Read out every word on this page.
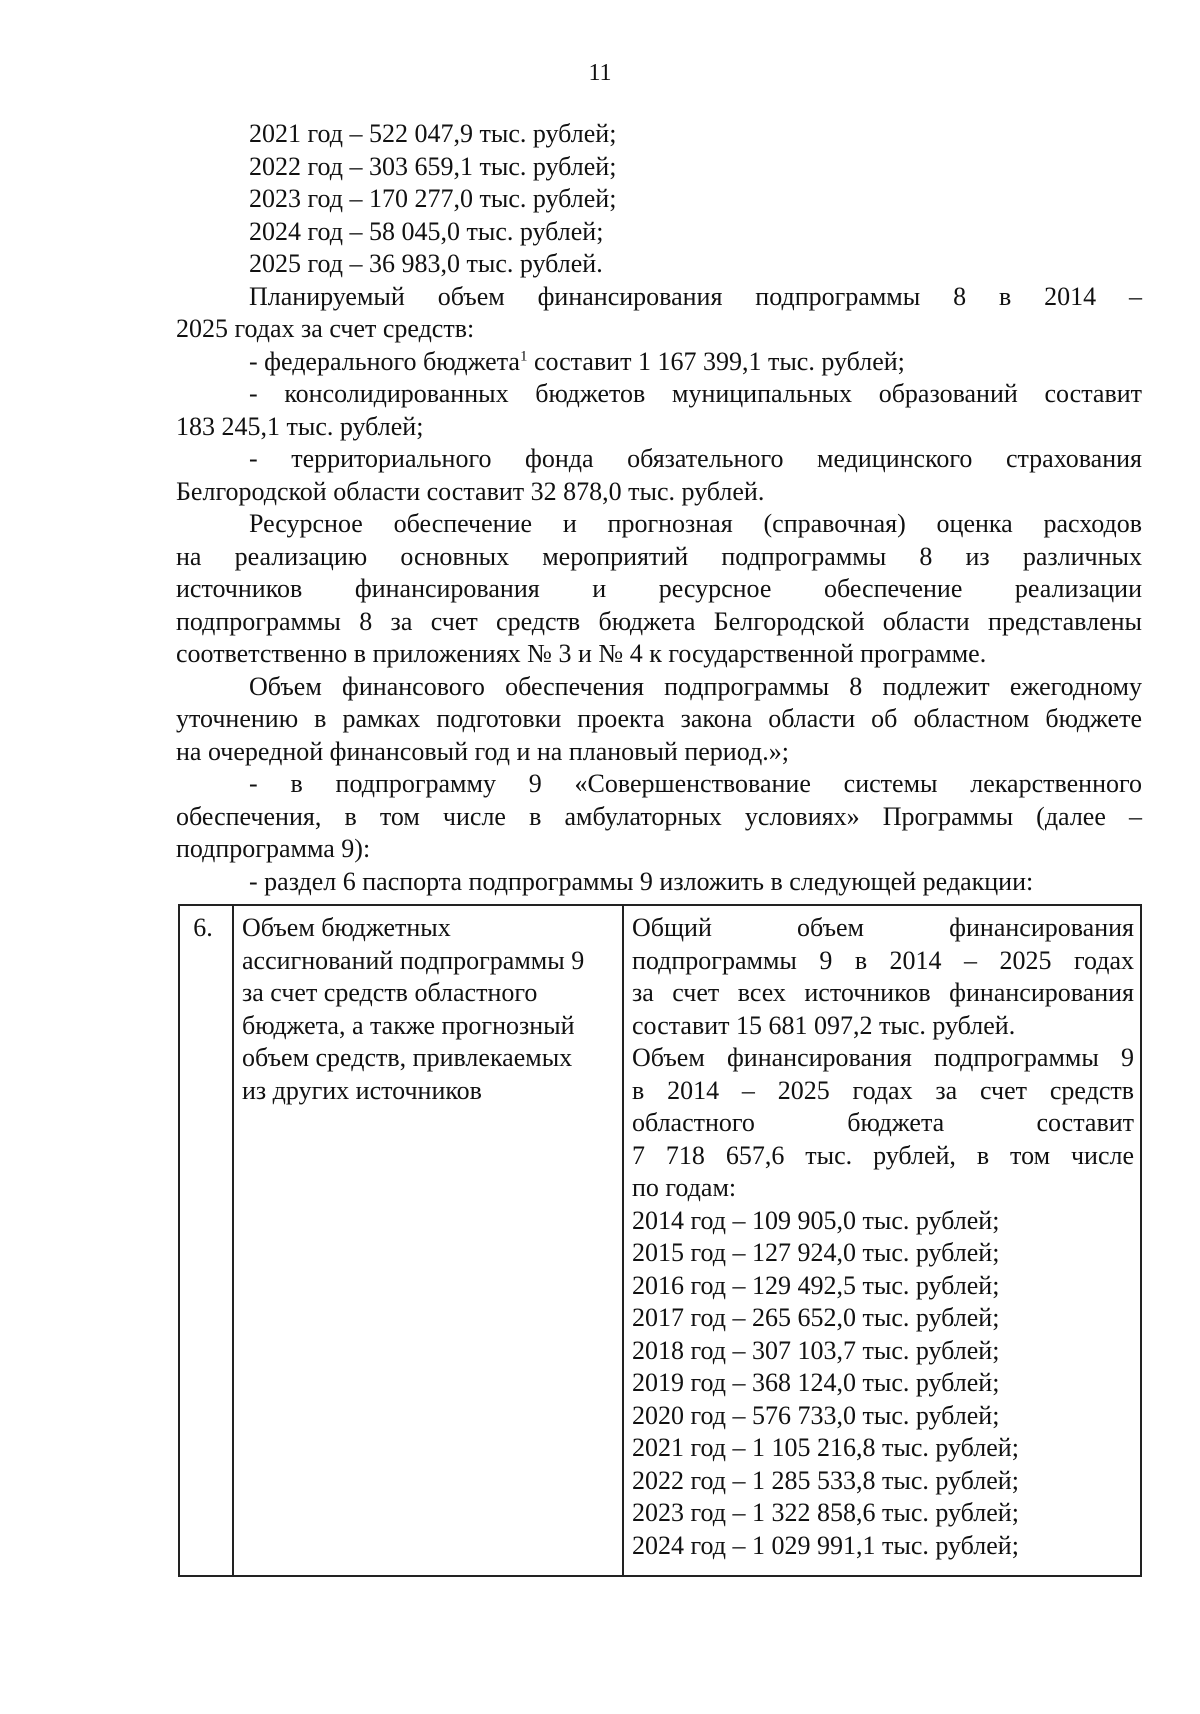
11
2021 год – 522 047,9 тыс. рублей;
2022 год – 303 659,1 тыс. рублей;
2023 год – 170 277,0 тыс. рублей;
2024 год – 58 045,0 тыс. рублей;
2025 год – 36 983,0 тыс. рублей.
Планируемый объем финансирования подпрограммы 8 в 2014 –
2025 годах за счет средств:
- федерального бюджета$^1$ составит 1 167 399,1 тыс. рублей;
- консолидированных бюджетов муниципальных образований составит
183 245,1 тыс. рублей;
- территориального фонда обязательного медицинского страхования
Белгородской области составит 32 878,0 тыс. рублей.
Ресурсное обеспечение и прогнозная (справочная) оценка расходов
на реализацию основных мероприятий подпрограммы 8 из различных
источников финансирования и ресурсное обеспечение реализации
подпрограммы 8 за счет средств бюджета Белгородской области представлены
соответственно в приложениях № 3 и № 4 к государственной программе.
Объем финансового обеспечения подпрограммы 8 подлежит ежегодному
уточнению в рамках подготовки проекта закона области об областном бюджете
на очередной финансовый год и на плановый период.»;
- в подпрограмму 9 «Совершенствование системы лекарственного
обеспечения, в том числе в амбулаторных условиях» Программы (далее –
подпрограмма 9):
- раздел 6 паспорта подпрограммы 9 изложить в следующей редакции:
6.	Объем бюджетных
ассигнований подпрограммы 9
за счет средств областного
бюджета, а также прогнозный
объем средств, привлекаемых
из других источников

Общий объем финансирования
подпрограммы 9 в 2014 – 2025 годах
за счет всех источников финансирования
составит 15 681 097,2 тыс. рублей.
Объем финансирования подпрограммы 9
в 2014 – 2025 годах за счет средств
областного бюджета составит
7 718 657,6 тыс. рублей, в том числе
по годам:
2014 год – 109 905,0 тыс. рублей;
2015 год – 127 924,0 тыс. рублей;
2016 год – 129 492,5 тыс. рублей;
2017 год – 265 652,0 тыс. рублей;
2018 год – 307 103,7 тыс. рублей;
2019 год – 368 124,0 тыс. рублей;
2020 год – 576 733,0 тыс. рублей;
2021 год – 1 105 216,8 тыс. рублей;
2022 год – 1 285 533,8 тыс. рублей;
2023 год – 1 322 858,6 тыс. рублей;
2024 год – 1 029 991,1 тыс. рублей;
